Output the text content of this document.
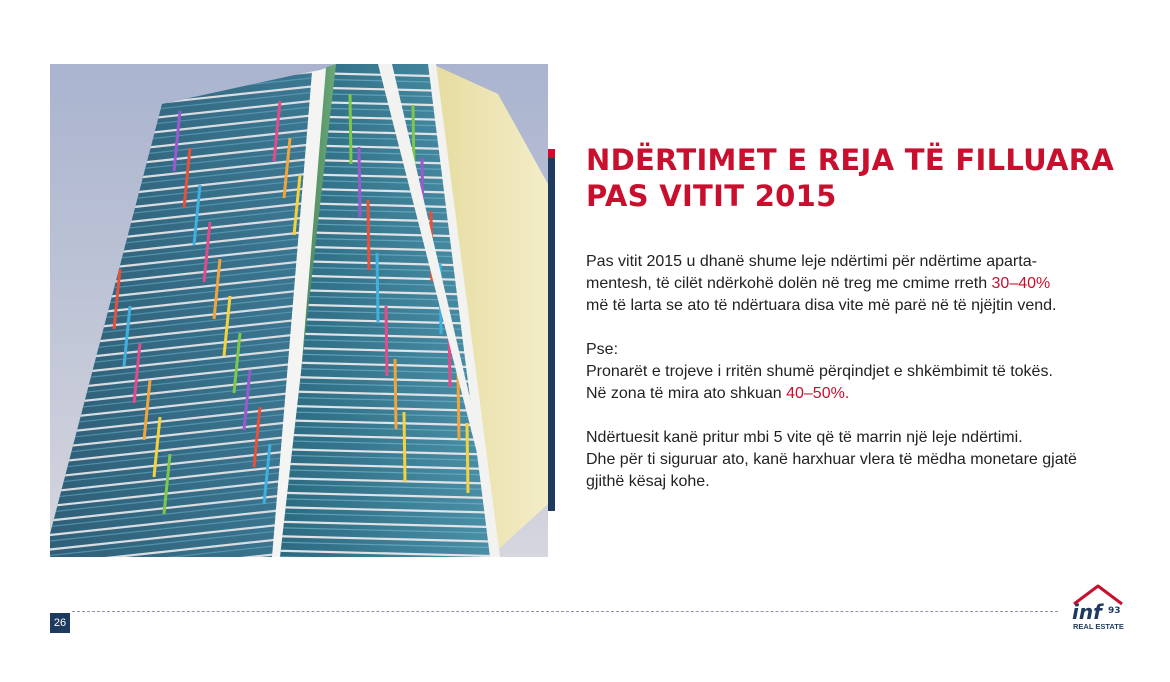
NDËRTIMET E REJA TË FILLUARA
PAS VITIT 2015

Pas vitit 2015 u dhanë shume leje ndërtimi për ndërtime aparta-
mentesh, të cilët ndërkohë dolën në treg me cmime rreth 30–40%
më të larta se ato të ndërtuara disa vite më parë në të njëjtin vend.

Pse:
Pronarët e trojeve i rritën shumë përqindjet e shkëmbimit të tokës.
Në zona të mira ato shkuan 40–50%.

Ndërtuesit kanë pritur mbi 5 vite që të marrin një leje ndërtimi.
Dhe për ti siguruar ato, kanë harxhuar vlera të mëdha monetare gjatë
gjithë kësaj kohe.

26	inf 93
REAL ESTATE
